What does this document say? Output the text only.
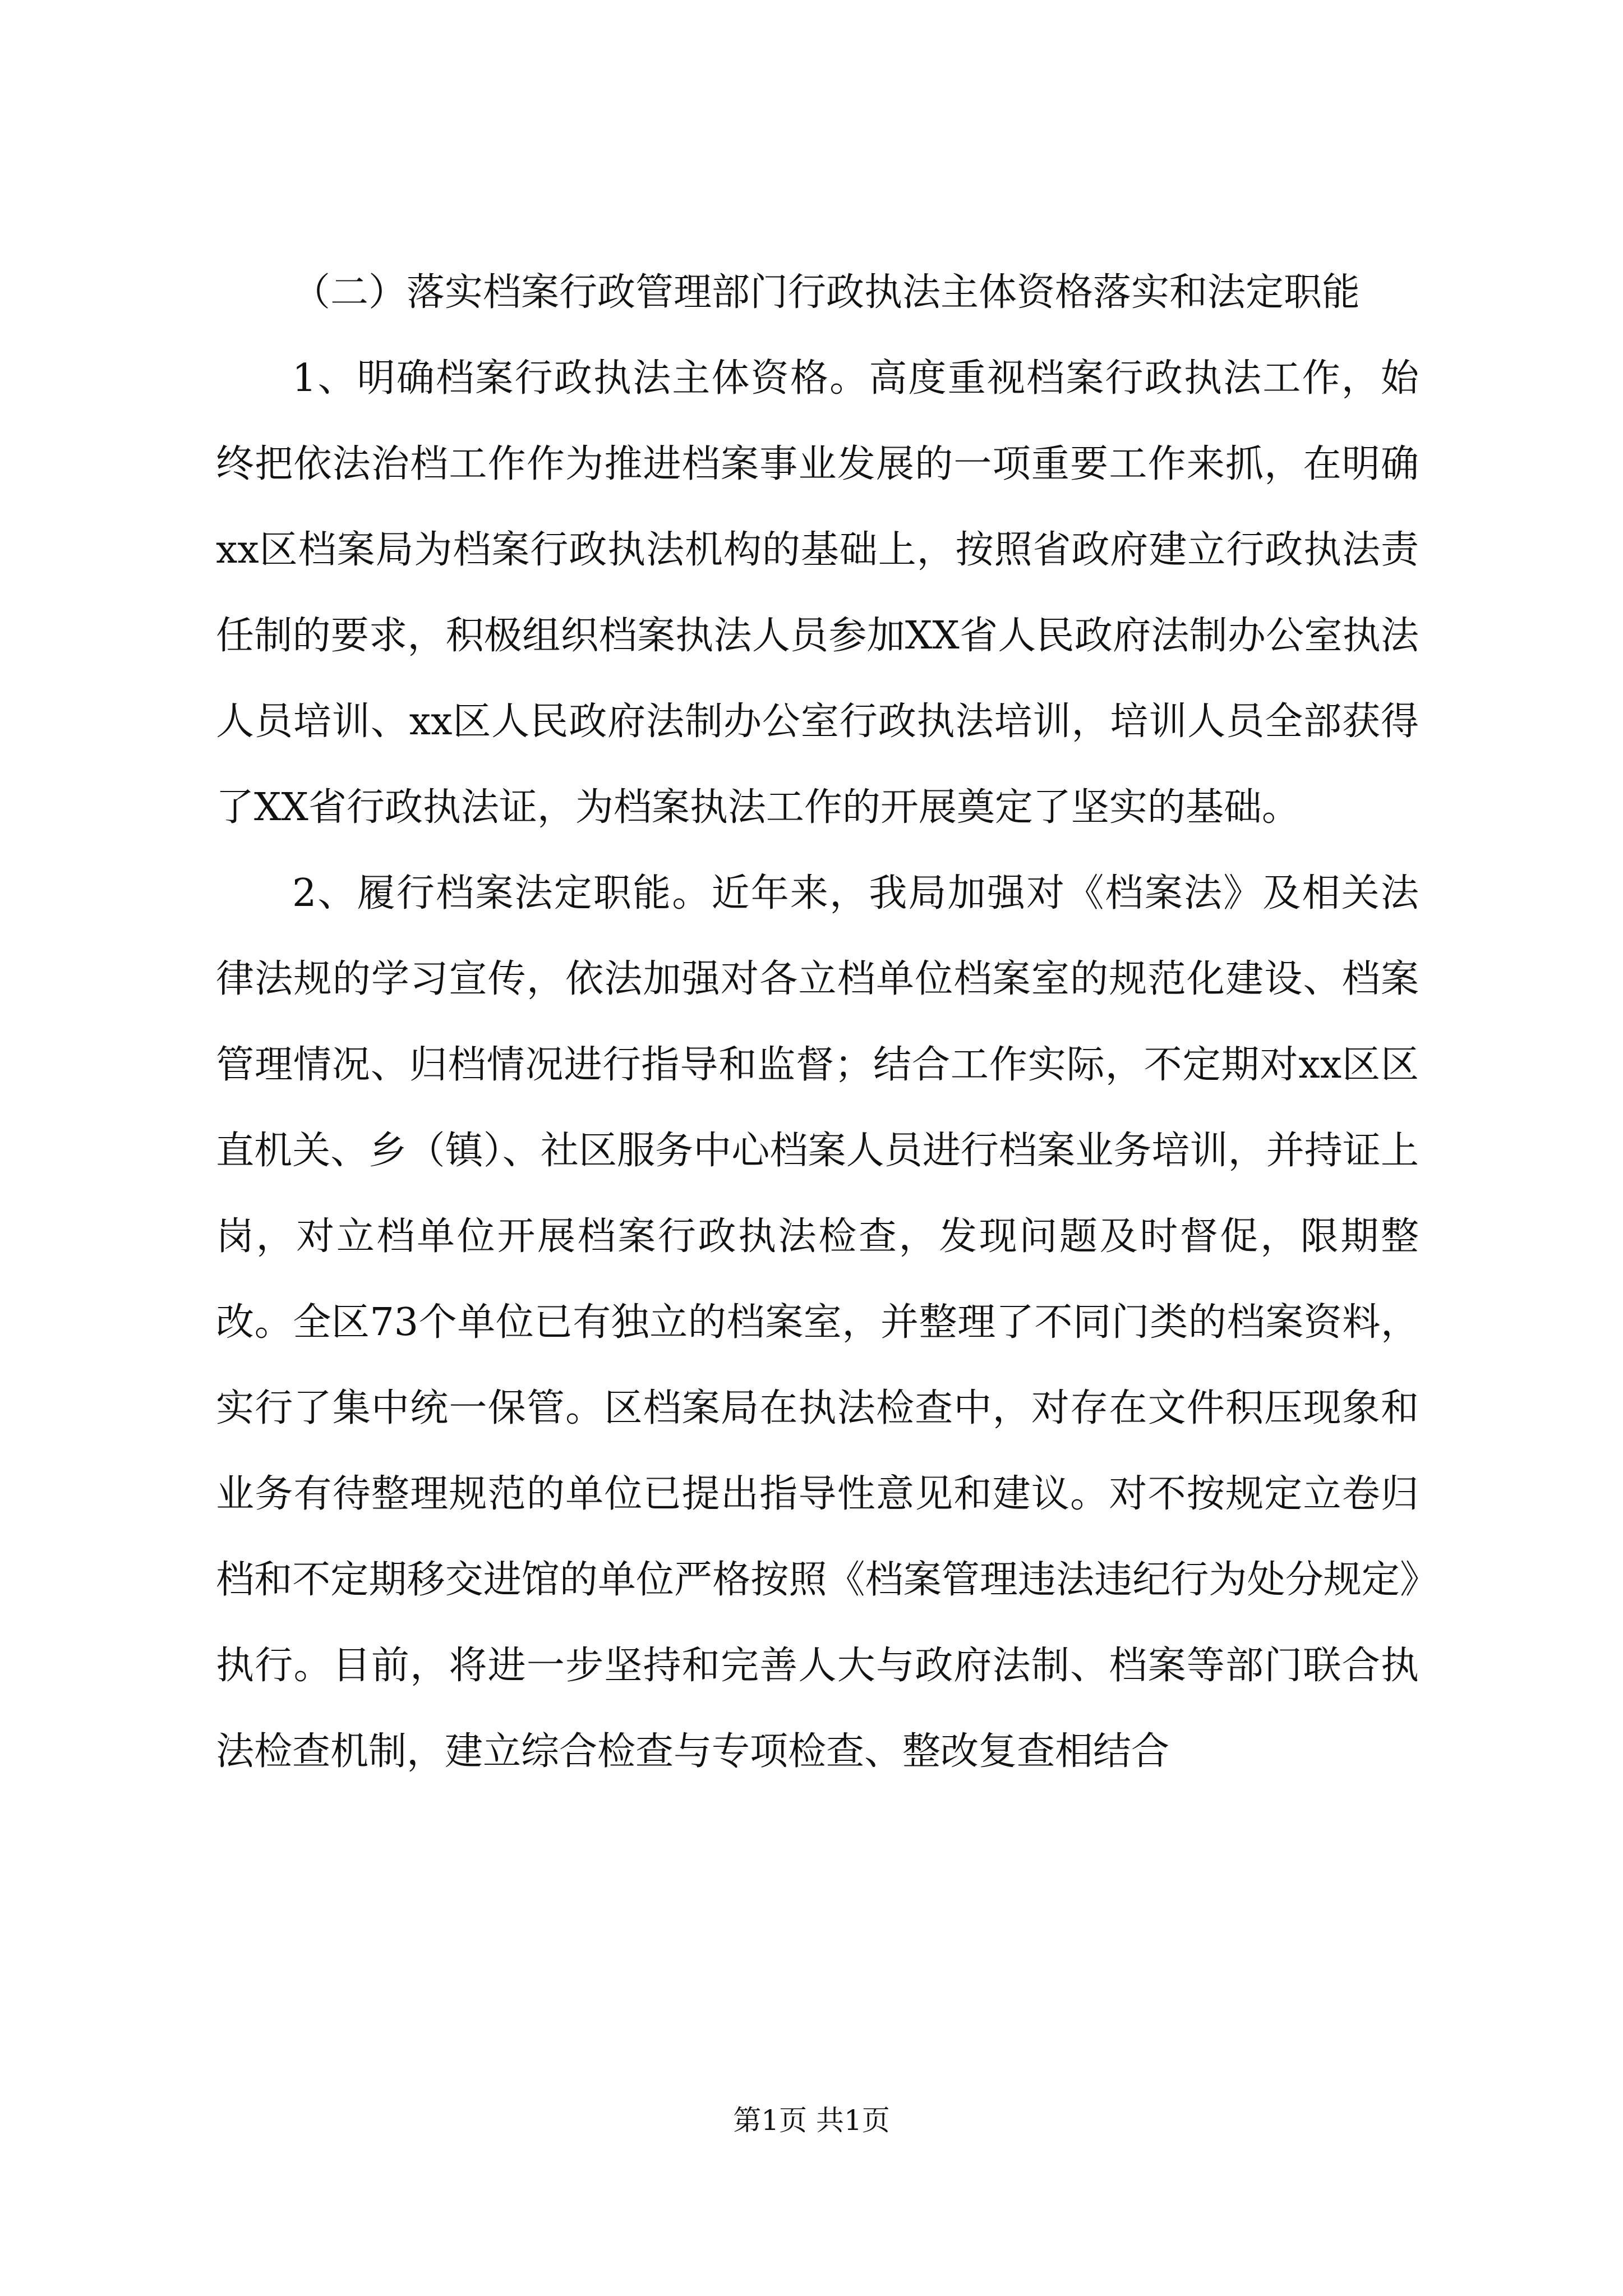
（二）落实档案行政管理部门行政执法主体资格落实和法定职能

1、明确档案行政执法主体资格。高度重视档案行政执法工作，始终把依法治档工作作为推进档案事业发展的一项重要工作来抓，在明确xx区档案局为档案行政执法机构的基础上，按照省政府建立行政执法责任制的要求，积极组织档案执法人员参加XX省人民政府法制办公室执法人员培训、xx区人民政府法制办公室行政执法培训，培训人员全部获得了XX省行政执法证，为档案执法工作的开展奠定了坚实的基础。

2、履行档案法定职能。近年来，我局加强对《档案法》及相关法律法规的学习宣传，依法加强对各立档单位档案室的规范化建设、档案管理情况、归档情况进行指导和监督；结合工作实际，不定期对xx区区直机关、乡（镇）、社区服务中心档案人员进行档案业务培训，并持证上岗，对立档单位开展档案行政执法检查，发现问题及时督促，限期整改。全区73个单位已有独立的档案室，并整理了不同门类的档案资料，实行了集中统一保管。区档案局在执法检查中，对存在文件积压现象和业务有待整理规范的单位已提出指导性意见和建议。对不按规定立卷归档和不定期移交进馆的单位严格按照《档案管理违法违纪行为处分规定》执行。目前，将进一步坚持和完善人大与政府法制、档案等部门联合执法检查机制，建立综合检查与专项检查、整改复查相结合

第1页 共1页
